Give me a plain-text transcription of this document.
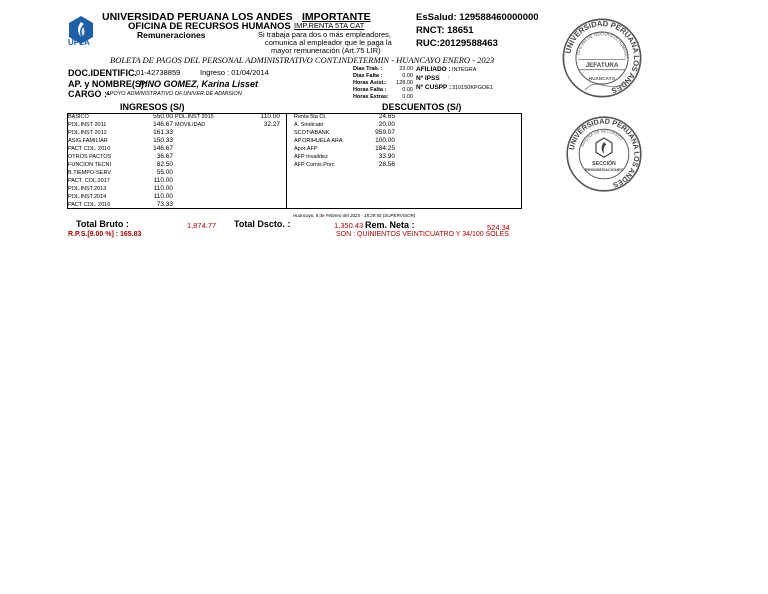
UPLA
UNIVERSIDAD PERUANA LOS ANDES
OFICINA DE RECURSOS HUMANOS
Remuneraciones
IMPORTANTE
IMP.RENTA 5TA CAT
Si trabaja para dos o más empleadores,
comunica al empleador que le paga la
mayor remuneración (Art.75 LIR)
EsSalud: 129588460000000
RNCT: 18651
RUC:20129588463
BOLETA DE PAGOS DEL PERSONAL ADMINISTRATIVO CONT.INDETERMIN - HUANCAYO ENERO - 2023
DOC.IDENTIFIC.
:01-42738859	Ingreso : 01/04/2014
AP. y NOMBRE(S):
PINO GOMEZ, Karina Lisset
CARGO :-
APOYO ADMINISTRATIVO OF.UNIVER.DE ADMISION
Dias Trab. :	23.00
Dias Falta :	0.00
Horas Asist.:	128.00
Horas Falta :	0.00
Horas Extras:	0.00
AFILIADO : INTEGRA
Nº IPSS :
Nº CUSPP : 310150KPGOE1
INGRESOS (S/)	DESCUENTOS (S/)
BASICO	550.00
POL.INST 2011	146.67
POL.INST 2012	161.33
ASIG.FAMILIAR	150.33
PACT COL. 2010	146.67
OTROS PACTOS	36.67
FUNCION TECNI	82.50
B.TIEMPO-SERV	55.00
PACT. COL.2017	110.00
POL.INST.2013	110.00
POL.INST.2014	110.00
PACT COL. 2016	73.33
POL.INST 2015	110.00
MOVILIDAD	32.27
Renta 5ta Ct.	24.65
A. Sindicato	20.00
SCOTIABANK	959.07
AP.ORIHUELA ARA	100.00
Apor.AFP	184.25
AFP Invalidez	33.90
AFP Comis.Porc	28.56
Huancayo, 8 de Febrero del 2023 - 15:29:55 (SUPERVISOR)
Total Bruto :	1,874.77 Total Dscto. :	1,350.43 Rem. Neta :	524.34
R.P.S.[9.00 %] : 165.83	SON : QUINIENTOS VEINTICUATRO Y 34/100 SOLES
UNIVERSIDAD PERUANA LOS ANDES
OFICINA DE RECURSOS HUMANO
JEFATURA
HUANCAYO
UNIVERSIDAD PERUANA LOS ANDES
OFICINA DE RECURSOS
SECCIÓN
REMUNERACIONES
